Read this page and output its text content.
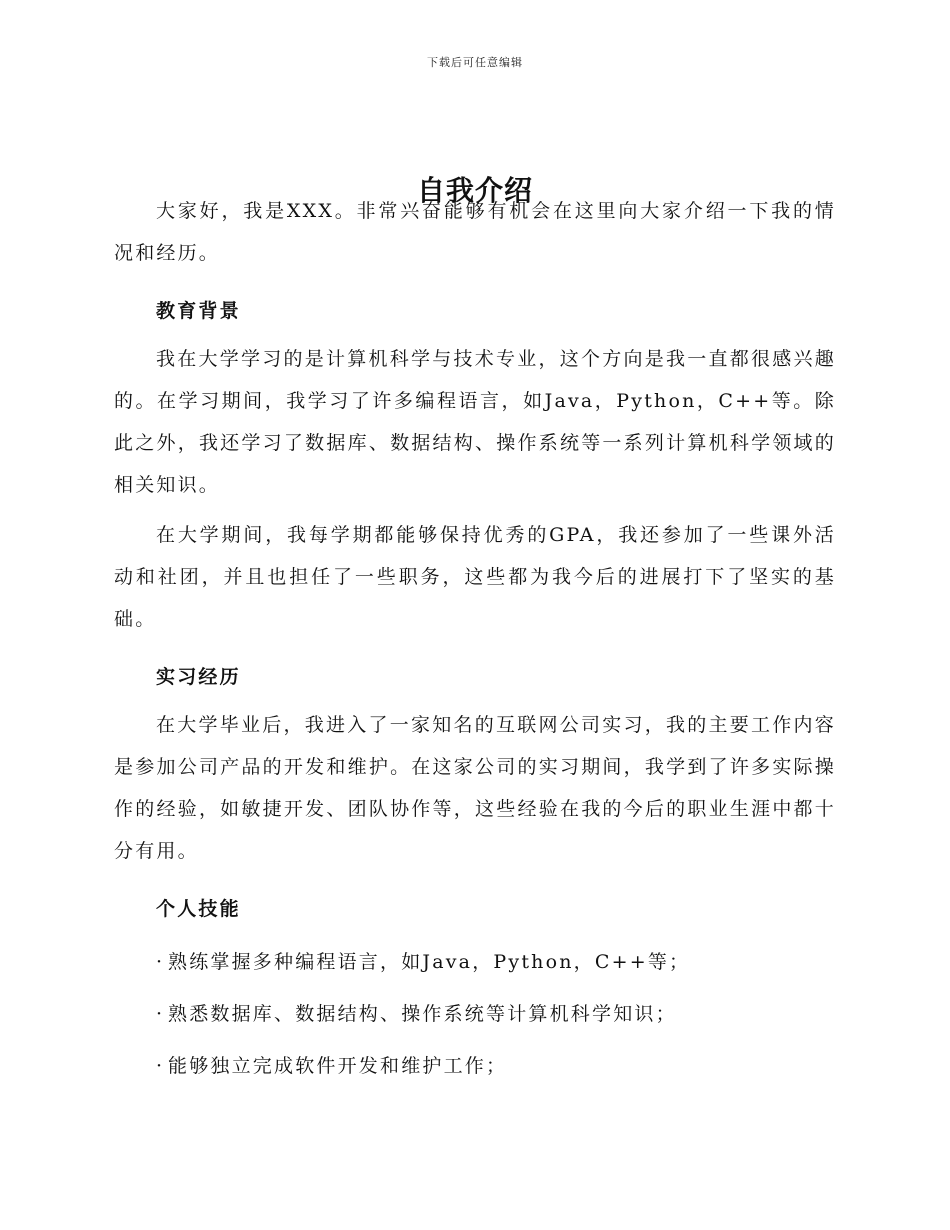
下载后可任意编辑
自我介绍

大家好，我是XXX。非常兴奋能够有机会在这里向大家介绍一下我的情况和经历。

教育背景

我在大学学习的是计算机科学与技术专业，这个方向是我一直都很感兴趣的。在学习期间，我学习了许多编程语言，如Java，Python，C++等。除此之外，我还学习了数据库、数据结构、操作系统等一系列计算机科学领域的相关知识。

在大学期间，我每学期都能够保持优秀的GPA，我还参加了一些课外活动和社团，并且也担任了一些职务，这些都为我今后的进展打下了坚实的基础。

实习经历

在大学毕业后，我进入了一家知名的互联网公司实习，我的主要工作内容是参加公司产品的开发和维护。在这家公司的实习期间，我学到了许多实际操作的经验，如敏捷开发、团队协作等，这些经验在我的今后的职业生涯中都十分有用。

个人技能
· 熟练掌握多种编程语言，如Java，Python，C++等；
· 熟悉数据库、数据结构、操作系统等计算机科学知识；
· 能够独立完成软件开发和维护工作；
